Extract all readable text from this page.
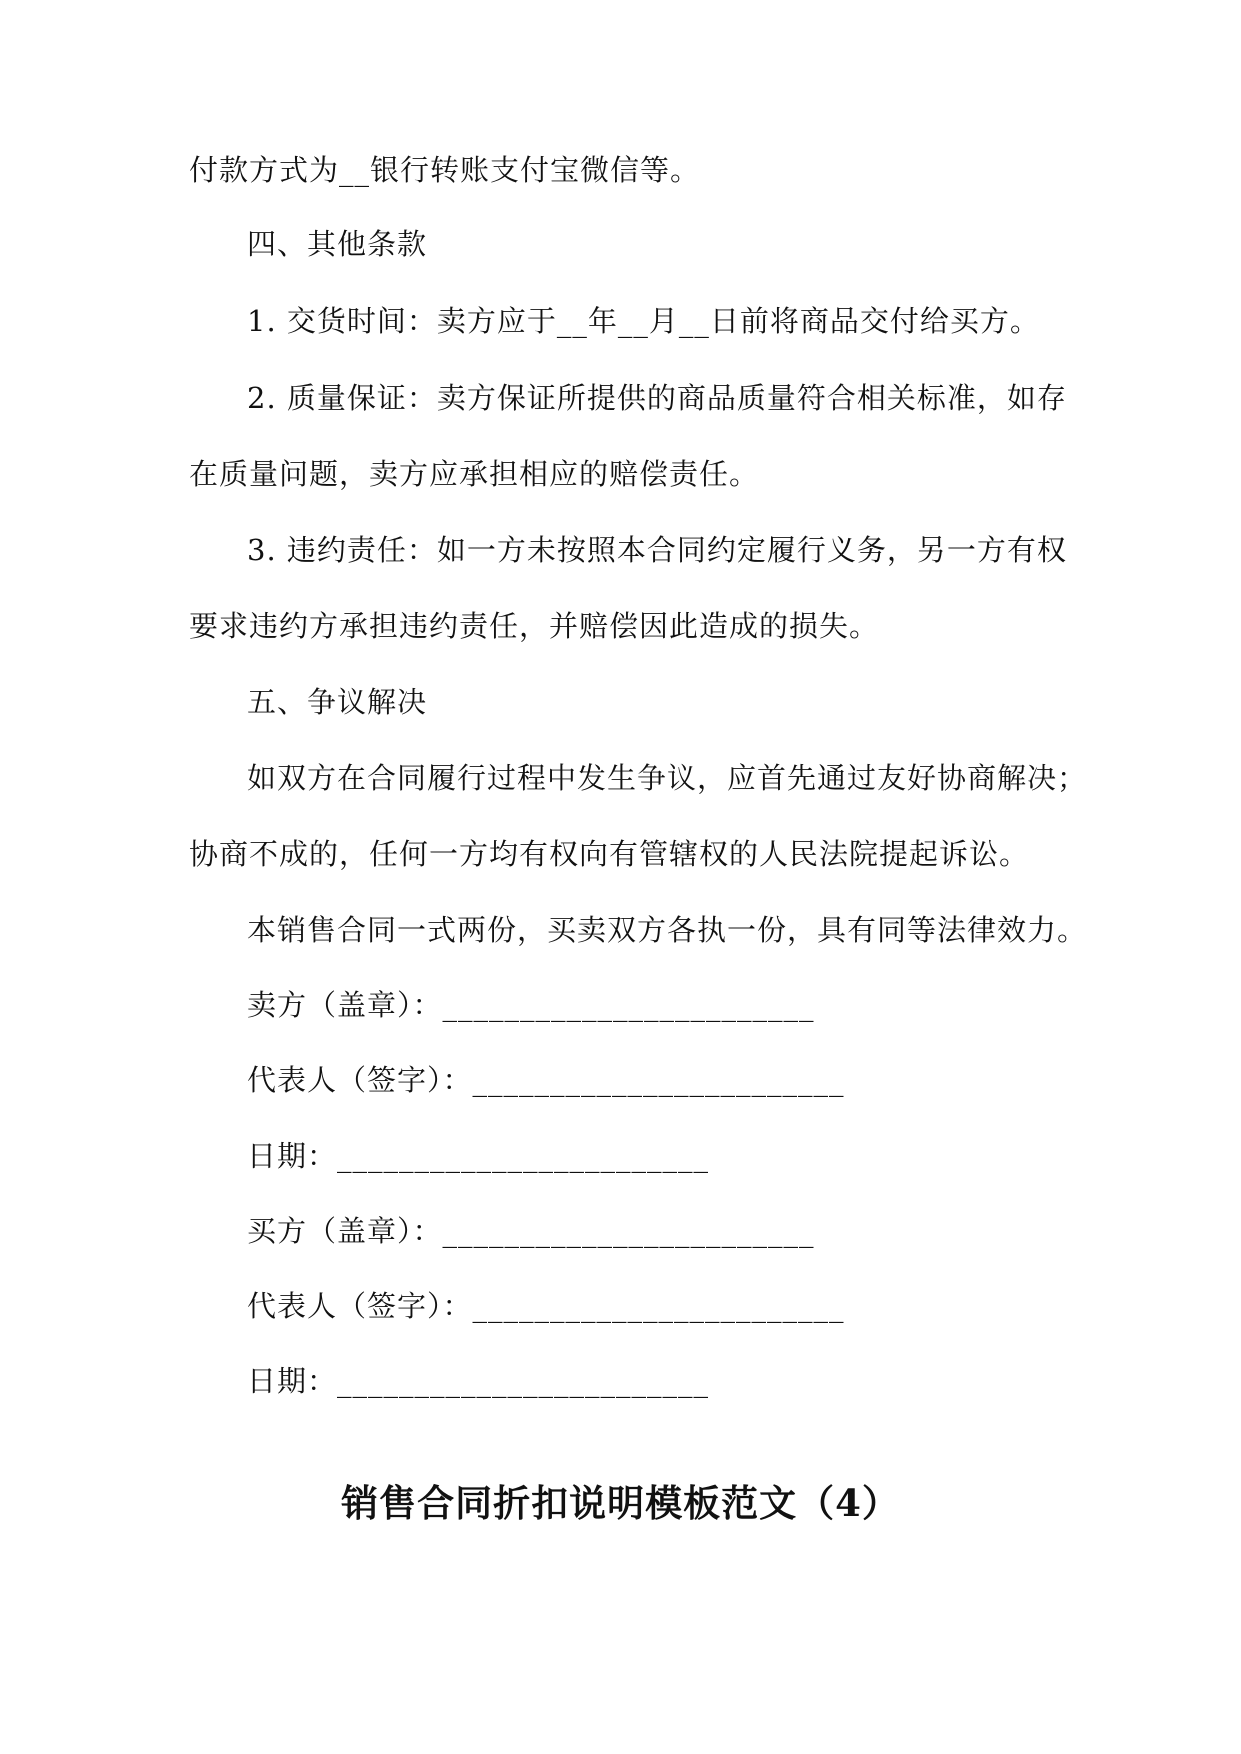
付款方式为__银行转账支付宝微信等。
四、其他条款
1. 交货时间：卖方应于__年__月__日前将商品交付给买方。
2. 质量保证：卖方保证所提供的商品质量符合相关标准，如存
在质量问题，卖方应承担相应的赔偿责任。
3. 违约责任：如一方未按照本合同约定履行义务，另一方有权
要求违约方承担违约责任，并赔偿因此造成的损失。
五、争议解决
如双方在合同履行过程中发生争议，应首先通过友好协商解决；
协商不成的，任何一方均有权向有管辖权的人民法院提起诉讼。
本销售合同一式两份，买卖双方各执一份，具有同等法律效力。
卖方（盖章）：________________________
代表人（签字）：________________________
日期：________________________
买方（盖章）：________________________
代表人（签字）：________________________
日期：________________________
销售合同折扣说明模板范文（4）
